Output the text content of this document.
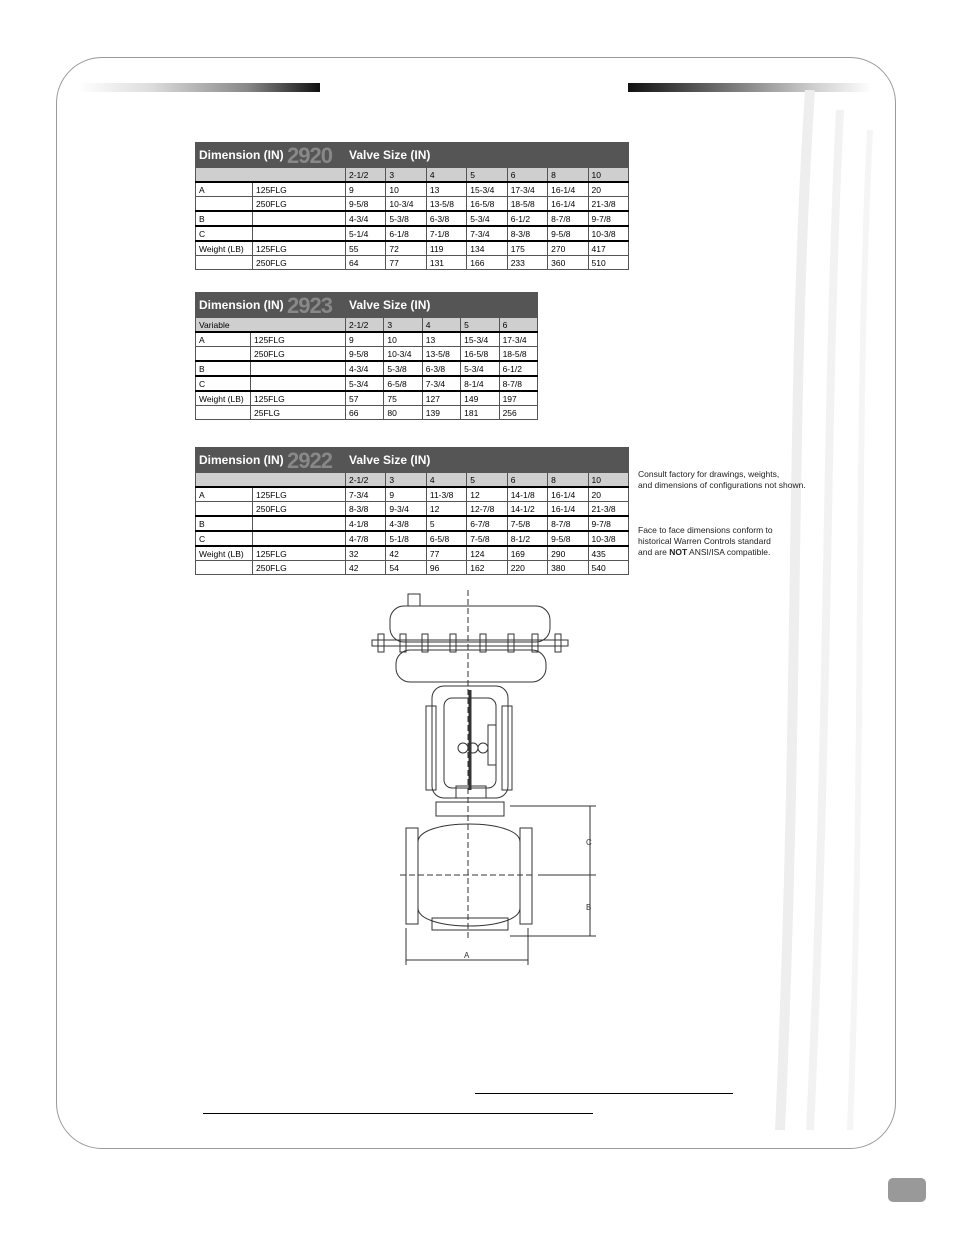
Dimension (IN) 2920		Valve Size (IN)						
		2-1/2	3	4	5	6	8	10
A	125FLG	9	10	13	15-3/4	17-3/4	16-1/4	20
	250FLG	9-5/8	10-3/4	13-5/8	16-5/8	18-5/8	16-1/4	21-3/8
B		4-3/4	5-3/8	6-3/8	5-3/4	6-1/2	8-7/8	9-7/8
C		5-1/4	6-1/8	7-1/8	7-3/4	8-3/8	9-5/8	10-3/8
Weight (LB)	125FLG	55	72	119	134	175	270	417
	250FLG	64	77	131	166	233	360	510
Dimension (IN) 2923		Valve Size (IN)				
Variable		2-1/2	3	4	5	6
A	125FLG	9	10	13	15-3/4	17-3/4
	250FLG	9-5/8	10-3/4	13-5/8	16-5/8	18-5/8
B		4-3/4	5-3/8	6-3/8	5-3/4	6-1/2
C		5-3/4	6-5/8	7-3/4	8-1/4	8-7/8
Weight (LB)	125FLG	57	75	127	149	197
	25FLG	66	80	139	181	256
Dimension (IN) 2922		Valve Size (IN)						
		2-1/2	3	4	5	6	8	10
A	125FLG	7-3/4	9	11-3/8	12	14-1/8	16-1/4	20
	250FLG	8-3/8	9-3/4	12	12-7/8	14-1/2	16-1/4	21-3/8
B		4-1/8	4-3/8	5	6-7/8	7-5/8	8-7/8	9-7/8
C		4-7/8	5-1/8	6-5/8	7-5/8	8-1/2	9-5/8	10-3/8
Weight (LB)	125FLG	32	42	77	124	169	290	435
	250FLG	42	54	96	162	220	380	540
Consult factory for drawings, weights,
and dimensions of configurations not shown.
Face to face dimensions conform to
historical Warren Controls standard
and are NOT ANSI/ISA compatible.
A
B
C
